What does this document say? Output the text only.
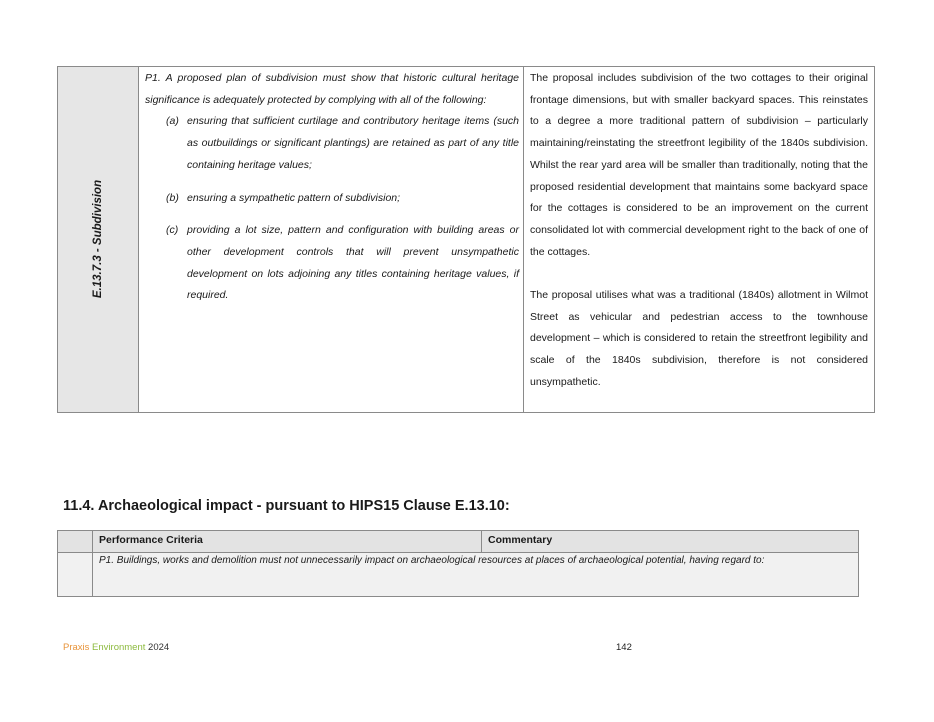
E.13.7.3 - Subdivision

P1. A proposed plan of subdivision must show that historic cultural heritage significance is adequately protected by complying with all of the following:

(a) ensuring that sufficient curtilage and contributory heritage items (such as outbuildings or significant plantings) are retained as part of any title containing heritage values;
(b) ensuring a sympathetic pattern of subdivision;
(c) providing a lot size, pattern and configuration with building areas or other development controls that will prevent unsympathetic development on lots adjoining any titles containing heritage values, if required.

The proposal includes subdivision of the two cottages to their original frontage dimensions, but with smaller backyard spaces. This reinstates to a degree a more traditional pattern of subdivision – particularly maintaining/reinstating the streetfront legibility of the 1840s subdivision. Whilst the rear yard area will be smaller than traditionally, noting that the proposed residential development that maintains some backyard space for the cottages is considered to be an improvement on the current consolidated lot with commercial development right to the back of one of the cottages.

The proposal utilises what was a traditional (1840s) allotment in Wilmot Street as vehicular and pedestrian access to the townhouse development – which is considered to retain the streetfront legibility and scale of the 1840s subdivision, therefore is not considered unsympathetic.

11.4. Archaeological impact - pursuant to HIPS15 Clause E.13.10:
Performance Criteria	Commentary
P1. Buildings, works and demolition must not unnecessarily impact on archaeological resources at places of archaeological potential, having regard to:
Praxis Environment 2024	142
